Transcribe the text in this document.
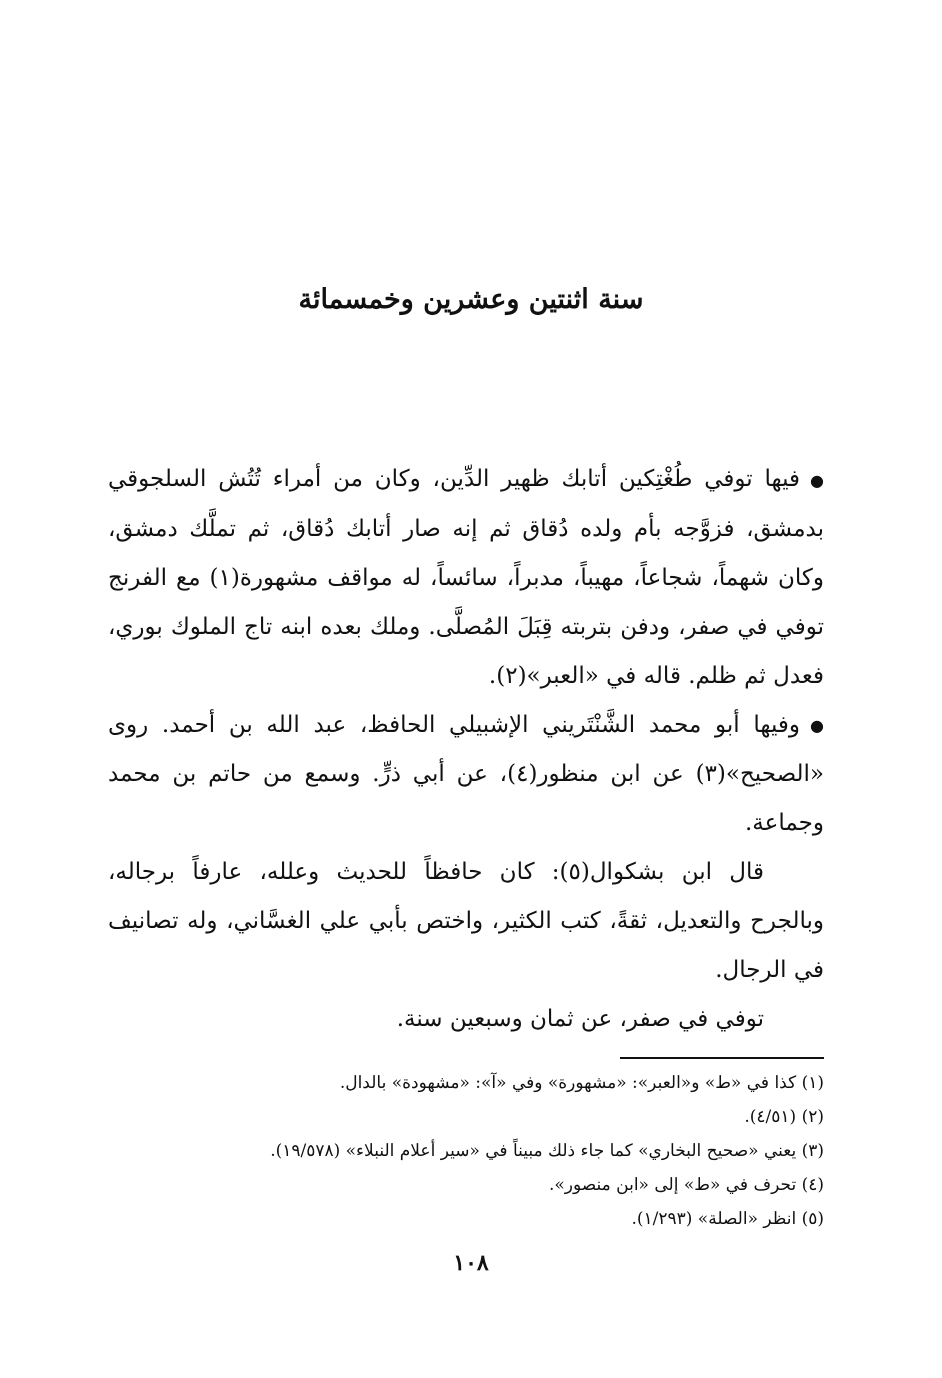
سنة اثنتين وعشرين وخمسمائة

●فيها توفي طُغْتِكين أتابك ظهير الدِّين، وكان من أمراء تُتُش السلجوقي بدمشق، فزوَّجه بأم ولده دُقاق ثم إنه صار أتابك دُقاق، ثم تملَّك دمشق، وكان شهماً، شجاعاً، مهيباً، مدبراً، سائساً، له مواقف مشهورة(١) مع الفرنج توفي في صفر، ودفن بتربته قِبَلَ المُصلَّى. وملك بعده ابنه تاج الملوك بوري، فعدل ثم ظلم. قاله في «العبر»(٢).

●وفيها أبو محمد الشَّنْتَريني الإشبيلي الحافظ، عبد الله بن أحمد. روى «الصحيح»(٣) عن ابن منظور(٤)، عن أبي ذرٍّ. وسمع من حاتم بن محمد وجماعة.

قال ابن بشكوال(٥): كان حافظاً للحديث وعلله، عارفاً برجاله، وبالجرح والتعديل، ثقةً، كتب الكثير، واختص بأبي علي الغسَّاني، وله تصانيف في الرجال.

توفي في صفر، عن ثمان وسبعين سنة.

(١) كذا في «ط» و«العبر»: «مشهورة» وفي «آ»: «مشهودة» بالدال.

(٢) (٤/٥١).

(٣) يعني «صحيح البخاري» كما جاء ذلك مبيناً في «سير أعلام النبلاء» (١٩/٥٧٨).

(٤) تحرف في «ط» إلى «ابن منصور».

(٥) انظر «الصلة» (١/٢٩٣).

١٠٨
